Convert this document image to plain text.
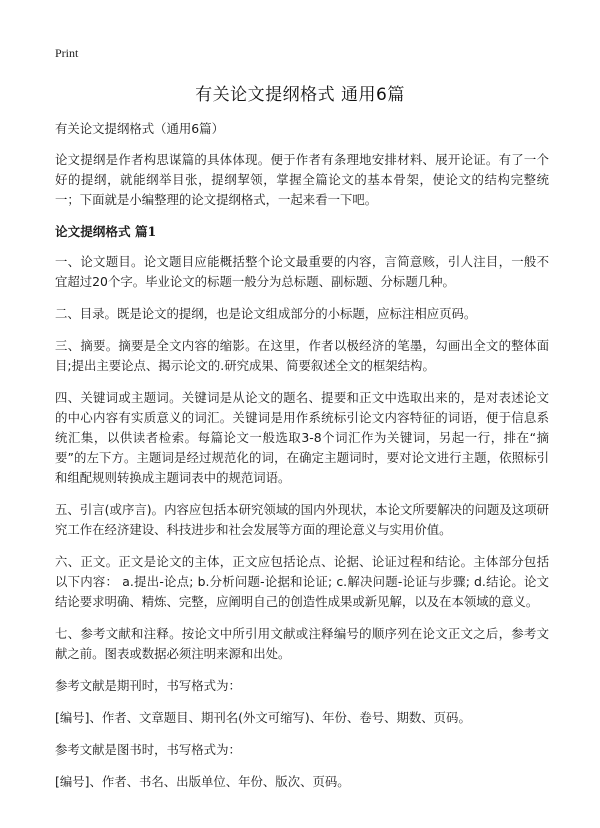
Print
有关论文提纲格式 通用6篇

有关论文提纲格式（通用6篇）

论文提纲是作者构思谋篇的具体体现。便于作者有条理地安排材料、展开论证。有了一个好的提纲，就能纲举目张，提纲挈领，掌握全篇论文的基本骨架，使论文的结构完整统一；下面就是小编整理的论文提纲格式，一起来看一下吧。

论文提纲格式 篇1

一、论文题目。论文题目应能概括整个论文最重要的内容，言简意赅，引人注目，一般不宜超过20个字。毕业论文的标题一般分为总标题、副标题、分标题几种。

二、目录。既是论文的提纲，也是论文组成部分的小标题，应标注相应页码。

三、摘要。摘要是全文内容的缩影。在这里，作者以极经济的笔墨，勾画出全文的整体面目;提出主要论点、揭示论文的.研究成果、简要叙述全文的框架结构。

四、关键词或主题词。关键词是从论文的题名、提要和正文中选取出来的，是对表述论文的中心内容有实质意义的词汇。关键词是用作系统标引论文内容特征的词语，便于信息系统汇集，以供读者检索。每篇论文一般选取3-8个词汇作为关键词，另起一行，排在“摘要”的左下方。主题词是经过规范化的词，在确定主题词时，要对论文进行主题，依照标引和组配规则转换成主题词表中的规范词语。

五、引言(或序言)。内容应包括本研究领域的国内外现状，本论文所要解决的问题及这项研究工作在经济建设、科技进步和社会发展等方面的理论意义与实用价值。

六、正文。正文是论文的主体，正文应包括论点、论据、论证过程和结论。主体部分包括以下内容： a.提出-论点; b.分析问题-论据和论证; c.解决问题-论证与步骤; d.结论。论文结论要求明确、精炼、完整，应阐明自己的创造性成果或新见解，以及在本领域的意义。

七、参考文献和注释。按论文中所引用文献或注释编号的顺序列在论文正文之后，参考文献之前。图表或数据必须注明来源和出处。

参考文献是期刊时，书写格式为：

[编号]、作者、文章题目、期刊名(外文可缩写)、年份、卷号、期数、页码。

参考文献是图书时，书写格式为：

[编号]、作者、书名、出版单位、年份、版次、页码。
